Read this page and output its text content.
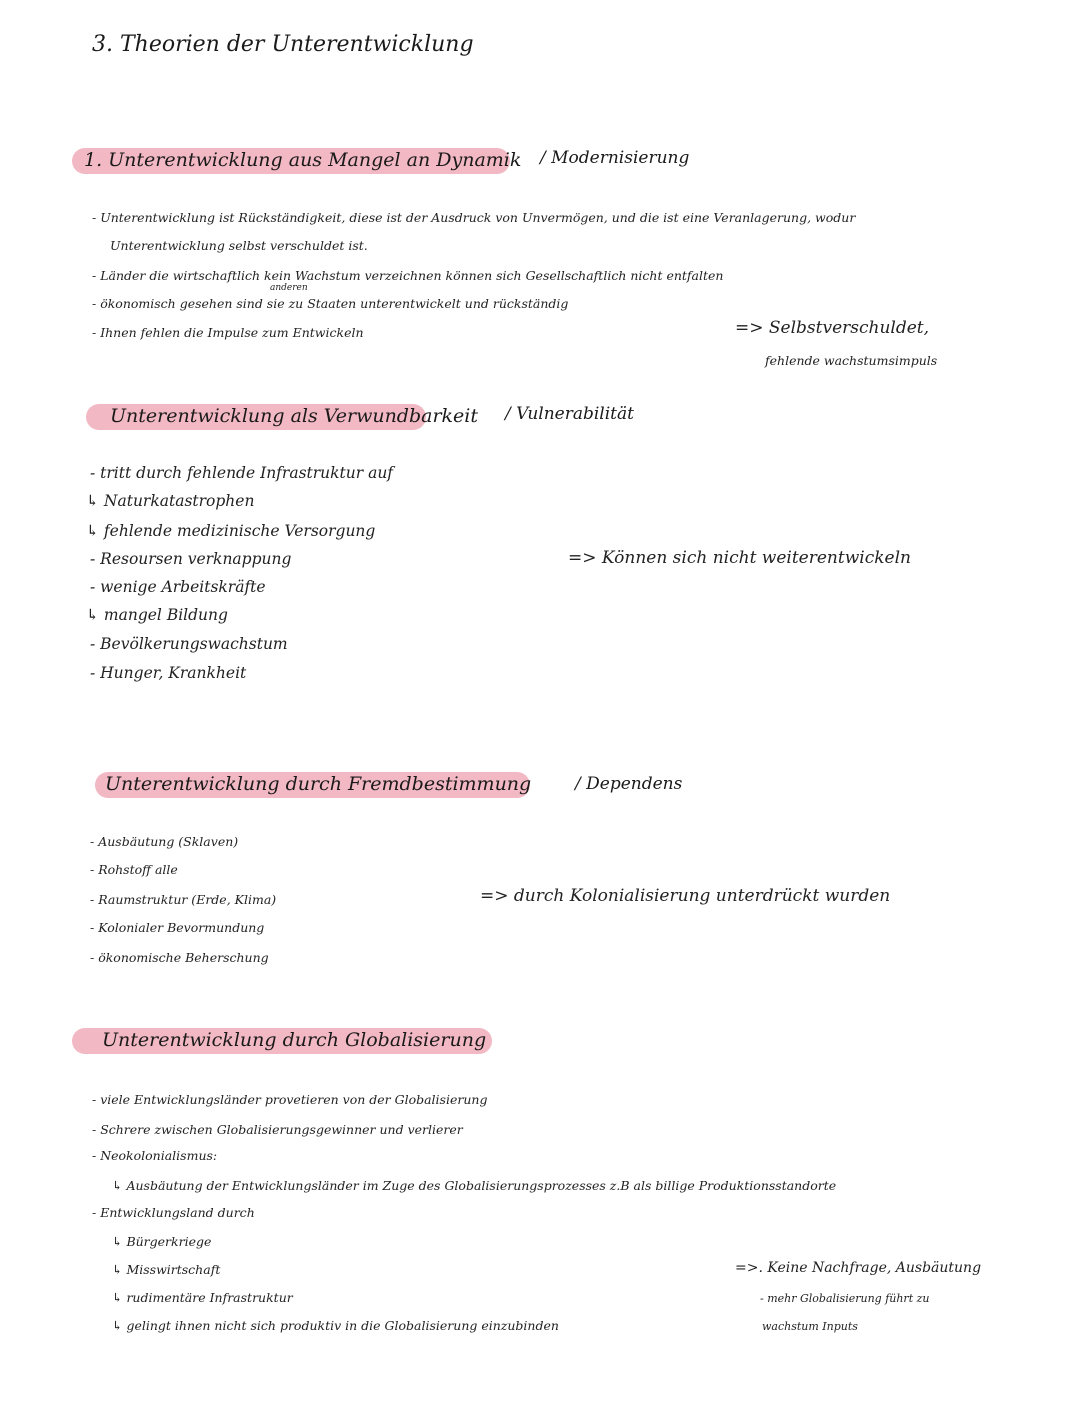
3. Theorien der Unterentwicklung
1. Unterentwicklung aus Mangel an Dynamik / Modernisierung
- Unterentwicklung ist Rückständigkeit, diese ist der Ausdruck von Unvermögen, und die ist eine Veranlagerung, wodur
Unterentwicklung selbst verschuldet ist.
- Länder die wirtschaftlich kein Wachstum verzeichnen können sich Gesellschaftlich nicht entfalten
anderen
- ökonomisch gesehen sind sie zu Staaten unterentwickelt und rückständig
- Ihnen fehlen die Impulse zum Entwickeln	=> Selbstverschuldet,
fehlende wachstumsimpuls
Unterentwicklung als Verwundbarkeit / Vulnerabilität
- tritt durch fehlende Infrastruktur auf
↳ Naturkatastrophen
↳ fehlende medizinische Versorgung
- Resoursen verknappung
- wenige Arbeitskräfte
↳ mangel Bildung
- Bevölkerungswachstum
- Hunger, Krankheit
=> Können sich nicht weiterentwickeln
Unterentwicklung durch Fremdbestimmung	/ Dependens
- Ausbäutung (Sklaven)
- Rohstoff alle
- Raumstruktur (Erde, Klima)
- Kolonialer Bevormundung
- ökonomische Beherschung
=> durch Kolonialisierung unterdrückt wurden
Unterentwicklung durch Globalisierung
- viele Entwicklungsländer provetieren von der Globalisierung
- Schrere zwischen Globalisierungsgewinner und verlierer
- Neokolonialismus:
↳ Ausbäutung der Entwicklungsländer im Zuge des Globalisierungsprozesses z.B als billige Produktionsstandorte
- Entwicklungsland durch
↳ Bürgerkriege
↳ Misswirtschaft
↳ rudimentäre Infrastruktur
↳ gelingt ihnen nicht sich produktiv in die Globalisierung einzubinden
=>. Keine Nachfrage, Ausbäutung
- mehr Globalisierung führt zu
wachstum Inputs
